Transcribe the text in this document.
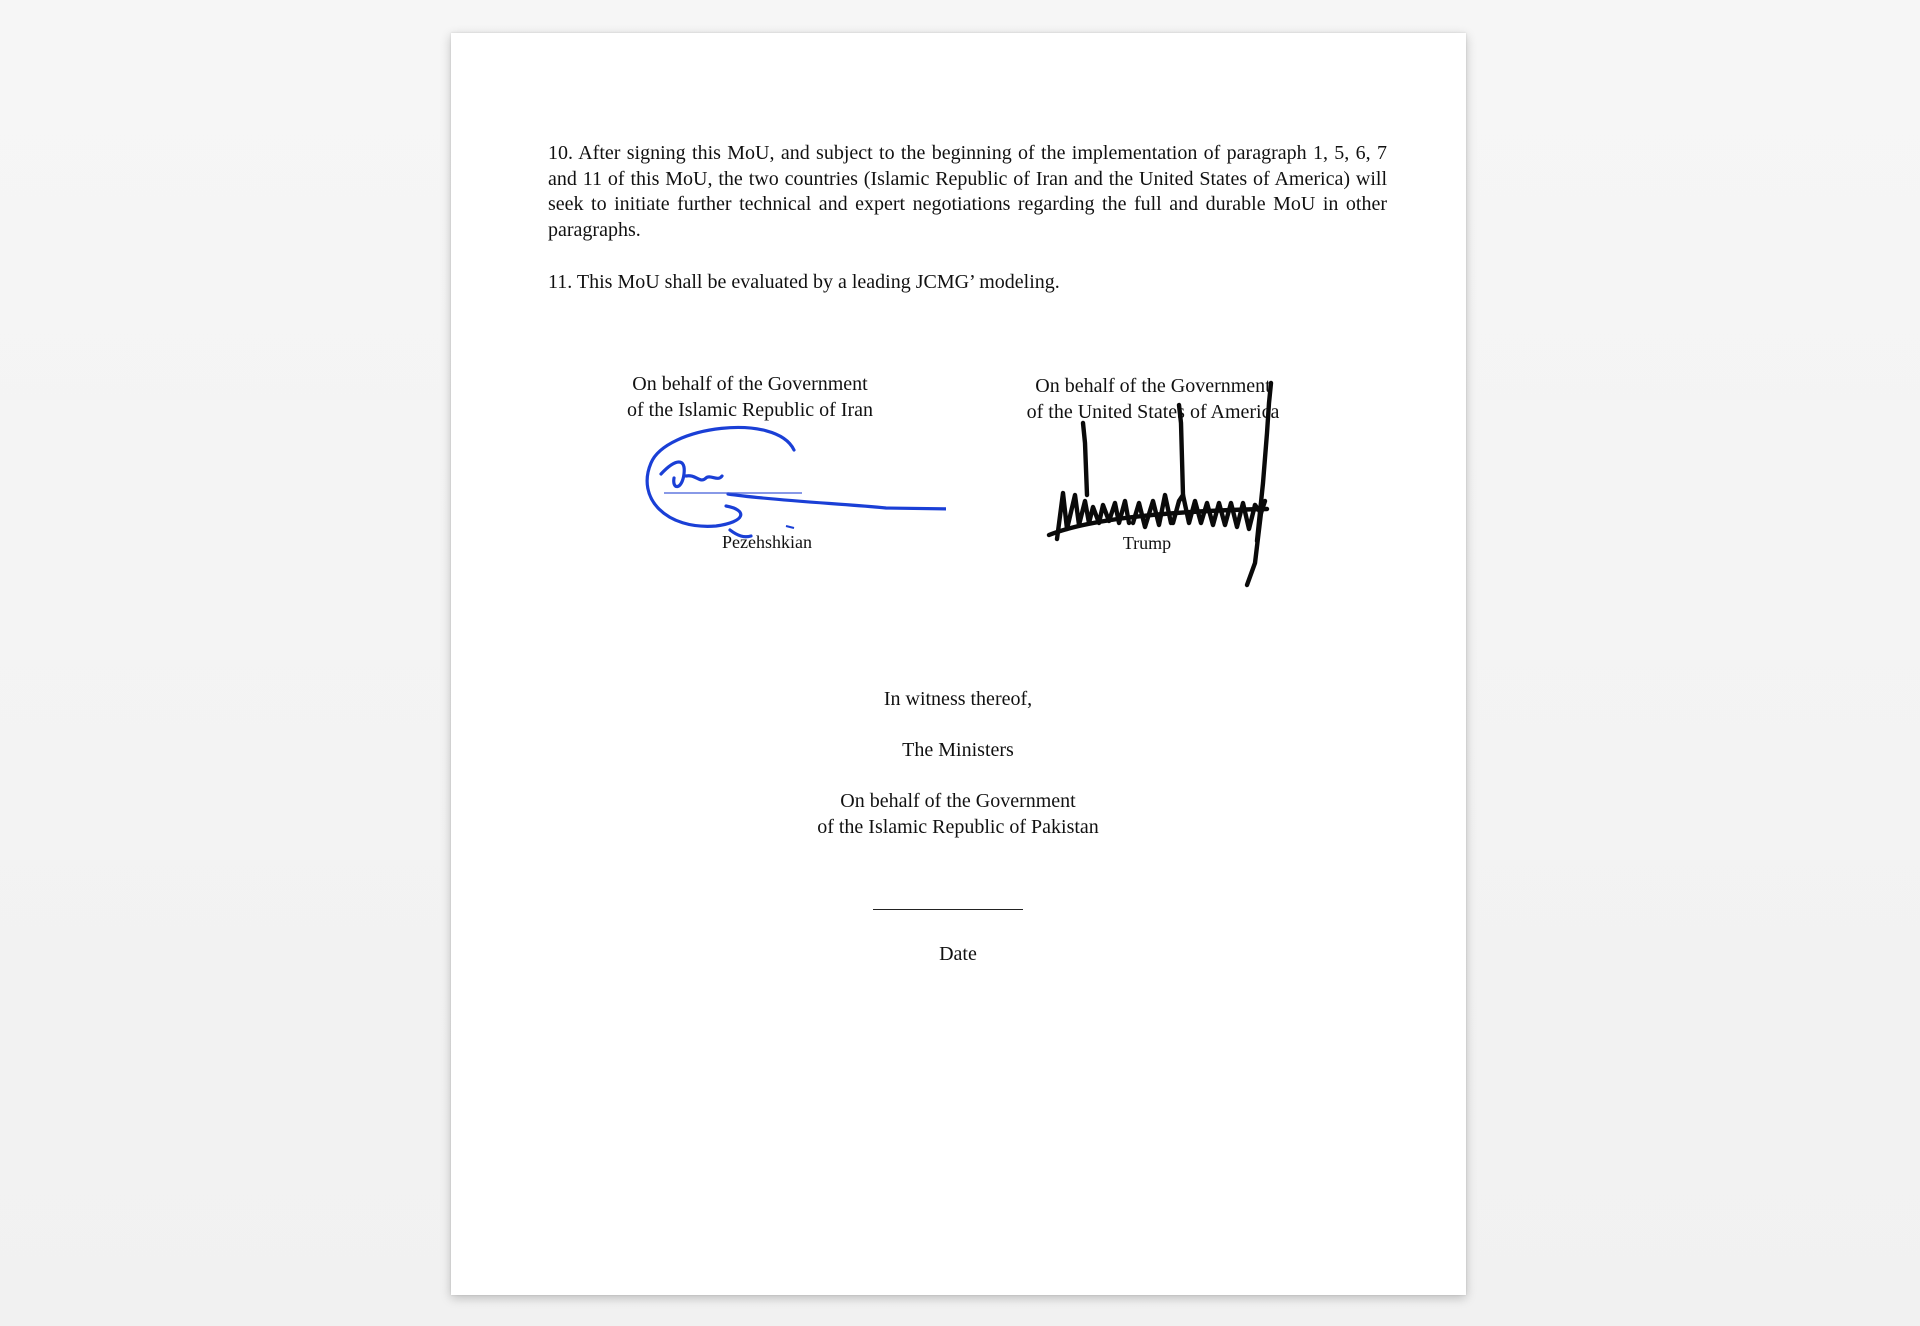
10. After signing this MoU, and subject to the beginning of the implementation of paragraph 1, 5, 6, 7 and 11 of this MoU, the two countries (Islamic Republic of Iran and the United States of America) will seek to initiate further technical and expert negotiations regarding the full and durable MoU in other paragraphs.

11. This MoU shall be evaluated by a leading JCMG’ modeling.

On behalf of the Government
of the Islamic Republic of Iran
On behalf of the Government
of the United States of America
Pezehshkian	Trump
In witness thereof,
The Ministers
On behalf of the Government
of the Islamic Republic of Pakistan
Date
